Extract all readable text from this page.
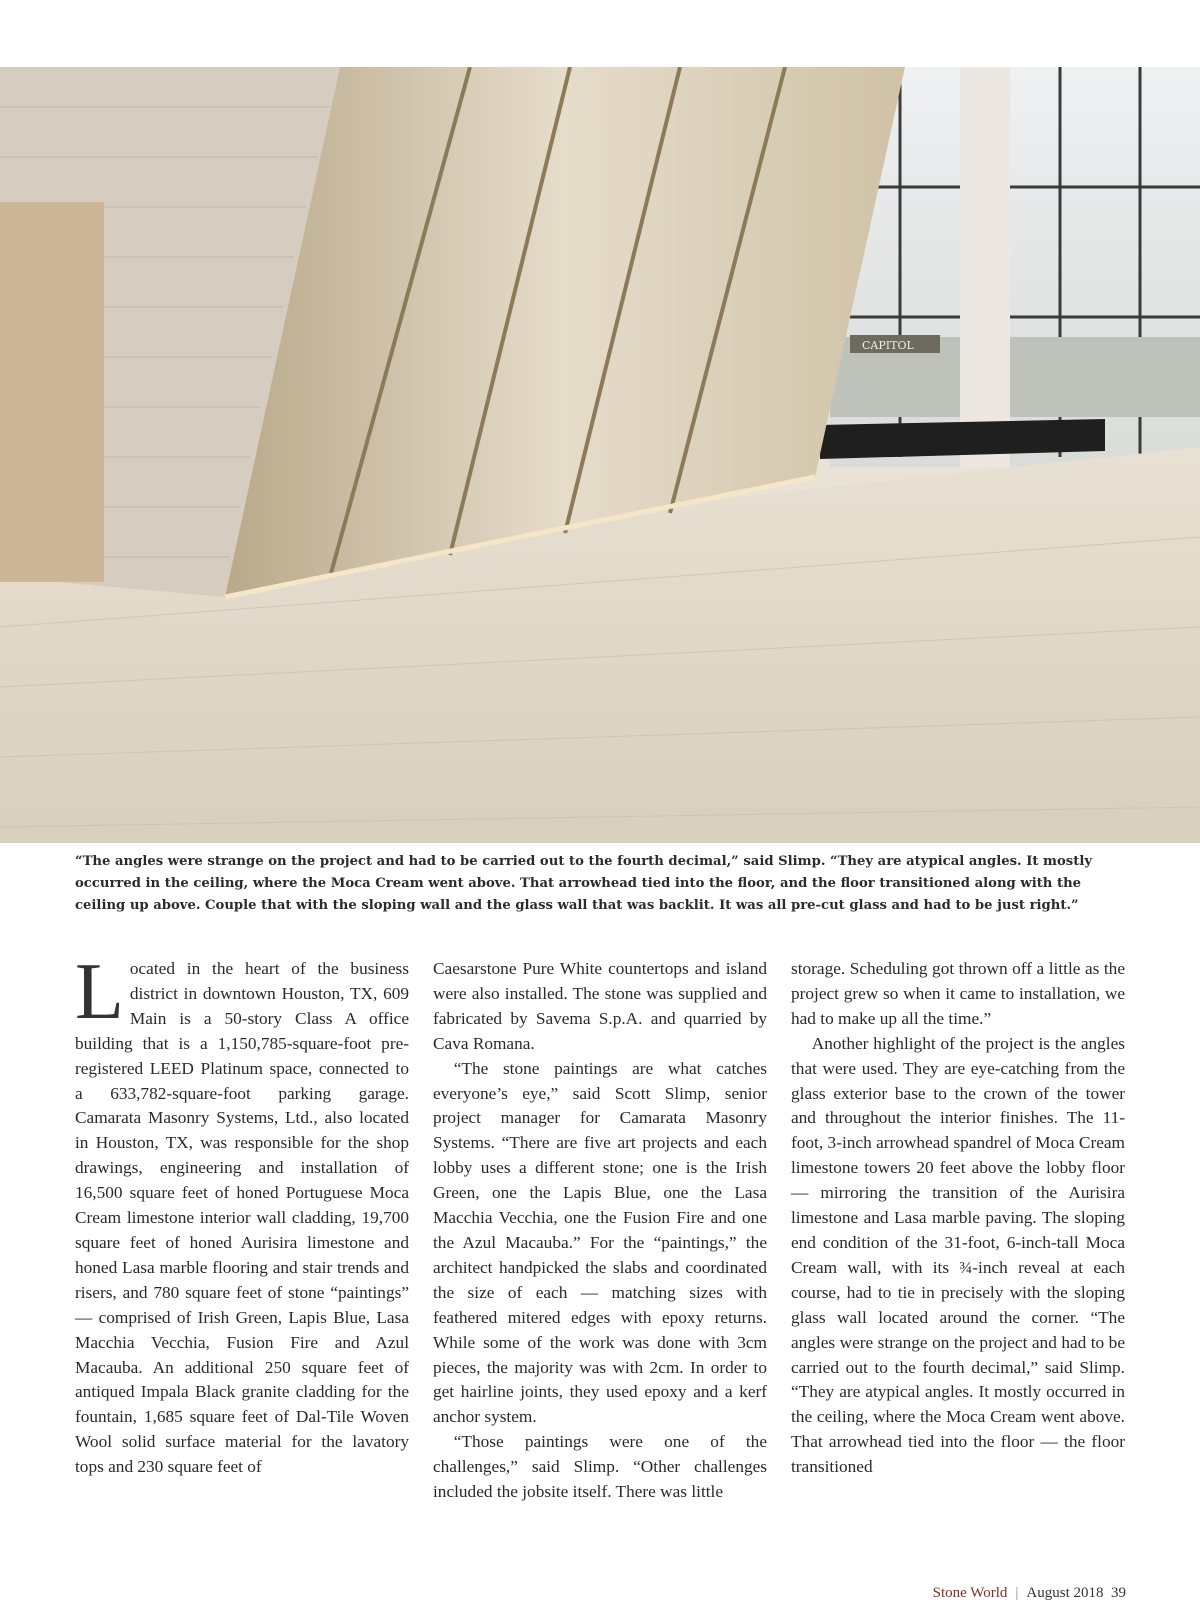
CAPITOL

“The angles were strange on the project and had to be carried out to the fourth decimal,” said Slimp. “They are atypical angles. It mostly occurred in the ceiling, where the Moca Cream went above. That arrowhead tied into the floor, and the floor transitioned along with the ceiling up above. Couple that with the sloping wall and the glass wall that was backlit. It was all pre-cut glass and had to be just right.”

Located in the heart of the business district in downtown Houston, TX, 609 Main is a 50-story Class A office building that is a 1,150,785-square-foot pre-registered LEED Platinum space, connected to a 633,782-square-foot parking garage. Camarata Masonry Systems, Ltd., also located in Houston, TX, was responsible for the shop drawings, engineering and installation of 16,500 square feet of honed Portuguese Moca Cream limestone interior wall cladding, 19,700 square feet of honed Aurisira limestone and honed Lasa marble flooring and stair trends and risers, and 780 square feet of stone “paintings” — comprised of Irish Green, Lapis Blue, Lasa Macchia Vecchia, Fusion Fire and Azul Macauba. An additional 250 square feet of antiqued Impala Black granite cladding for the fountain, 1,685 square feet of Dal-Tile Woven Wool solid surface material for the lavatory tops and 230 square feet of

Caesarstone Pure White countertops and island were also installed. The stone was supplied and fabricated by Savema S.p.A. and quarried by Cava Romana.

“The stone paintings are what catches everyone’s eye,” said Scott Slimp, senior project manager for Camarata Masonry Systems. “There are five art projects and each lobby uses a different stone; one is the Irish Green, one the Lapis Blue, one the Lasa Macchia Vecchia, one the Fusion Fire and one the Azul Macauba.” For the “paintings,” the architect handpicked the slabs and coordinated the size of each — matching sizes with feathered mitered edges with epoxy returns. While some of the work was done with 3cm pieces, the majority was with 2cm. In order to get hairline joints, they used epoxy and a kerf anchor system.

“Those paintings were one of the challenges,” said Slimp. “Other challenges included the jobsite itself. There was little

storage. Scheduling got thrown off a little as the project grew so when it came to installation, we had to make up all the time.”

Another highlight of the project is the angles that were used. They are eye-catching from the glass exterior base to the crown of the tower and throughout the interior finishes. The 11-foot, 3-inch arrowhead spandrel of Moca Cream limestone towers 20 feet above the lobby floor — mirroring the transition of the Aurisira limestone and Lasa marble paving. The sloping end condition of the 31-foot, 6-inch-tall Moca Cream wall, with its ¾-inch reveal at each course, had to tie in precisely with the sloping glass wall located around the corner. “The angles were strange on the project and had to be carried out to the fourth decimal,” said Slimp. “They are atypical angles. It mostly occurred in the ceiling, where the Moca Cream went above. That arrowhead tied into the floor — the floor transitioned

Stone World | August 2018 39
